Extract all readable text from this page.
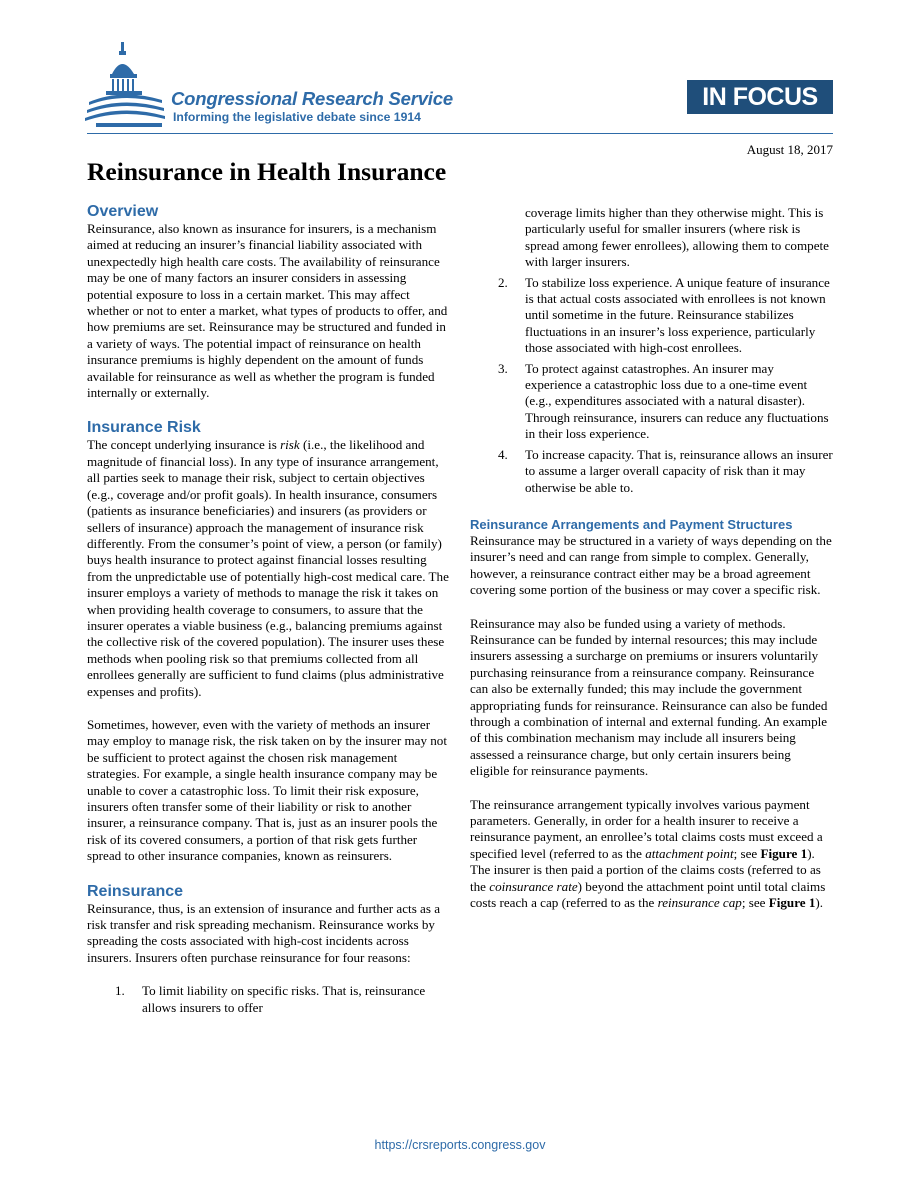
Congressional Research Service
Informing the legislative debate since 1914
IN FOCUS
August 18, 2017
Reinsurance in Health Insurance
Overview

Reinsurance, also known as insurance for insurers, is a mechanism aimed at reducing an insurer’s financial liability associated with unexpectedly high health care costs. The availability of reinsurance may be one of many factors an insurer considers in assessing potential exposure to loss in a certain market. This may affect whether or not to enter a market, what types of products to offer, and how premiums are set. Reinsurance may be structured and funded in a variety of ways. The potential impact of reinsurance on health insurance premiums is highly dependent on the amount of funds available for reinsurance as well as whether the program is funded internally or externally.

Insurance Risk

The concept underlying insurance is risk (i.e., the likelihood and magnitude of financial loss). In any type of insurance arrangement, all parties seek to manage their risk, subject to certain objectives (e.g., coverage and/or profit goals). In health insurance, consumers (patients as insurance beneficiaries) and insurers (as providers or sellers of insurance) approach the management of insurance risk differently. From the consumer’s point of view, a person (or family) buys health insurance to protect against financial losses resulting from the unpredictable use of potentially high-cost medical care. The insurer employs a variety of methods to manage the risk it takes on when providing health coverage to consumers, to assure that the insurer operates a viable business (e.g., balancing premiums against the collective risk of the covered population). The insurer uses these methods when pooling risk so that premiums collected from all enrollees generally are sufficient to fund claims (plus administrative expenses and profits).

Sometimes, however, even with the variety of methods an insurer may employ to manage risk, the risk taken on by the insurer may not be sufficient to protect against the chosen risk management strategies. For example, a single health insurance company may be unable to cover a catastrophic loss. To limit their risk exposure, insurers often transfer some of their liability or risk to another insurer, a reinsurance company. That is, just as an insurer pools the risk of its covered consumers, a portion of that risk gets further spread to other insurance companies, known as reinsurers.

Reinsurance

Reinsurance, thus, is an extension of insurance and further acts as a risk transfer and risk spreading mechanism. Reinsurance works by spreading the costs associated with high-cost incidents across insurers. Insurers often purchase reinsurance for four reasons:

1. To limit liability on specific risks. That is, reinsurance allows insurers to offer
coverage limits higher than they otherwise might. This is particularly useful for smaller insurers (where risk is spread among fewer enrollees), allowing them to compete with larger insurers.
2. To stabilize loss experience. A unique feature of insurance is that actual costs associated with enrollees is not known until sometime in the future. Reinsurance stabilizes fluctuations in an insurer’s loss experience, particularly those associated with high-cost enrollees.
3. To protect against catastrophes. An insurer may experience a catastrophic loss due to a one-time event (e.g., expenditures associated with a natural disaster). Through reinsurance, insurers can reduce any fluctuations in their loss experience.
4. To increase capacity. That is, reinsurance allows an insurer to assume a larger overall capacity of risk than it may otherwise be able to.
Reinsurance Arrangements and Payment Structures

Reinsurance may be structured in a variety of ways depending on the insurer’s need and can range from simple to complex. Generally, however, a reinsurance contract either may be a broad agreement covering some portion of the business or may cover a specific risk.

Reinsurance may also be funded using a variety of methods. Reinsurance can be funded by internal resources; this may include insurers assessing a surcharge on premiums or insurers voluntarily purchasing reinsurance from a reinsurance company. Reinsurance can also be externally funded; this may include the government appropriating funds for reinsurance. Reinsurance can also be funded through a combination of internal and external funding. An example of this combination mechanism may include all insurers being assessed a reinsurance charge, but only certain insurers being eligible for reinsurance payments.

The reinsurance arrangement typically involves various payment parameters. Generally, in order for a health insurer to receive a reinsurance payment, an enrollee’s total claims costs must exceed a specified level (referred to as the attachment point; see Figure 1). The insurer is then paid a portion of the claims costs (referred to as the coinsurance rate) beyond the attachment point until total claims costs reach a cap (referred to as the reinsurance cap; see Figure 1).

https://crsreports.congress.gov
